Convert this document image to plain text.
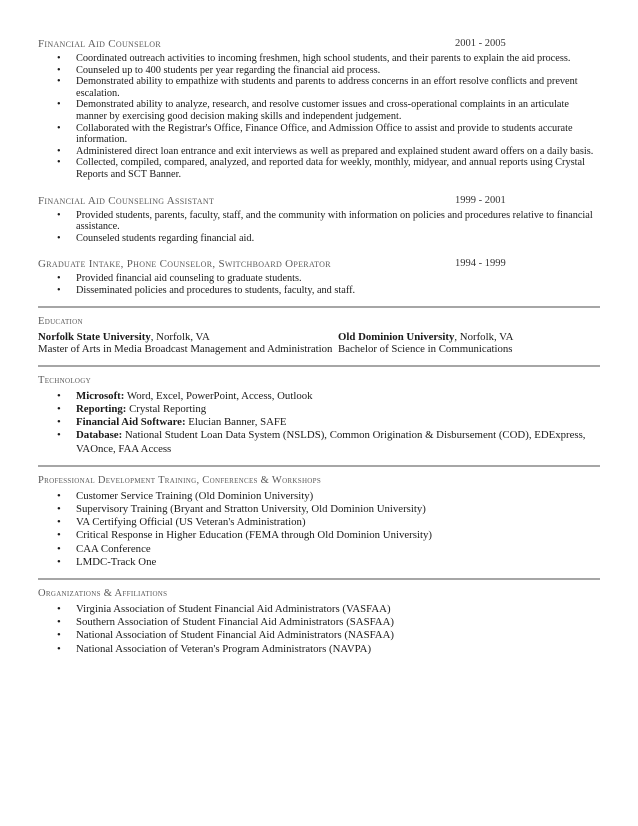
Financial Aid Counselor	2001 - 2005
• Coordinated outreach activities to incoming freshmen, high school students, and their parents to explain the aid process.
• Counseled up to 400 students per year regarding the financial aid process.
• Demonstrated ability to empathize with students and parents to address concerns in an effort resolve conflicts and prevent escalation.
• Demonstrated ability to analyze, research, and resolve customer issues and cross-operational complaints in an articulate manner by exercising good decision making skills and independent judgement.
• Collaborated with the Registrar's Office, Finance Office, and Admission Office to assist and provide to students accurate information.
• Administered direct loan entrance and exit interviews as well as prepared and explained student award offers on a daily basis.
• Collected, compiled, compared, analyzed, and reported data for weekly, monthly, midyear, and annual reports using Crystal Reports and SCT Banner.
Financial Aid Counseling Assistant	1999 - 2001
• Provided students, parents, faculty, staff, and the community with information on policies and procedures relative to financial assistance.
• Counseled students regarding financial aid.
Graduate Intake, Phone Counselor, Switchboard Operator	1994 - 1999
• Provided financial aid counseling to graduate students.
• Disseminated policies and procedures to students, faculty, and staff.
Education
Norfolk State University, Norfolk, VA
Master of Arts in Media Broadcast Management and Administration
Old Dominion University, Norfolk, VA
Bachelor of Science in Communications
Technology
• Microsoft: Word, Excel, PowerPoint, Access, Outlook
• Reporting: Crystal Reporting
• Financial Aid Software: Elucian Banner, SAFE
• Database: National Student Loan Data System (NSLDS), Common Origination & Disbursement (COD), EDExpress, VAOnce, FAA Access
Professional Development Training, Conferences & Workshops
• Customer Service Training (Old Dominion University)
• Supervisory Training (Bryant and Stratton University, Old Dominion University)
• VA Certifying Official (US Veteran's Administration)
• Critical Response in Higher Education (FEMA through Old Dominion University)
• CAA Conference
• LMDC-Track One
Organizations & Affiliations
• Virginia Association of Student Financial Aid Administrators (VASFAA)
• Southern Association of Student Financial Aid Administrators (SASFAA)
• National Association of Student Financial Aid Administrators (NASFAA)
• National Association of Veteran's Program Administrators (NAVPA)
